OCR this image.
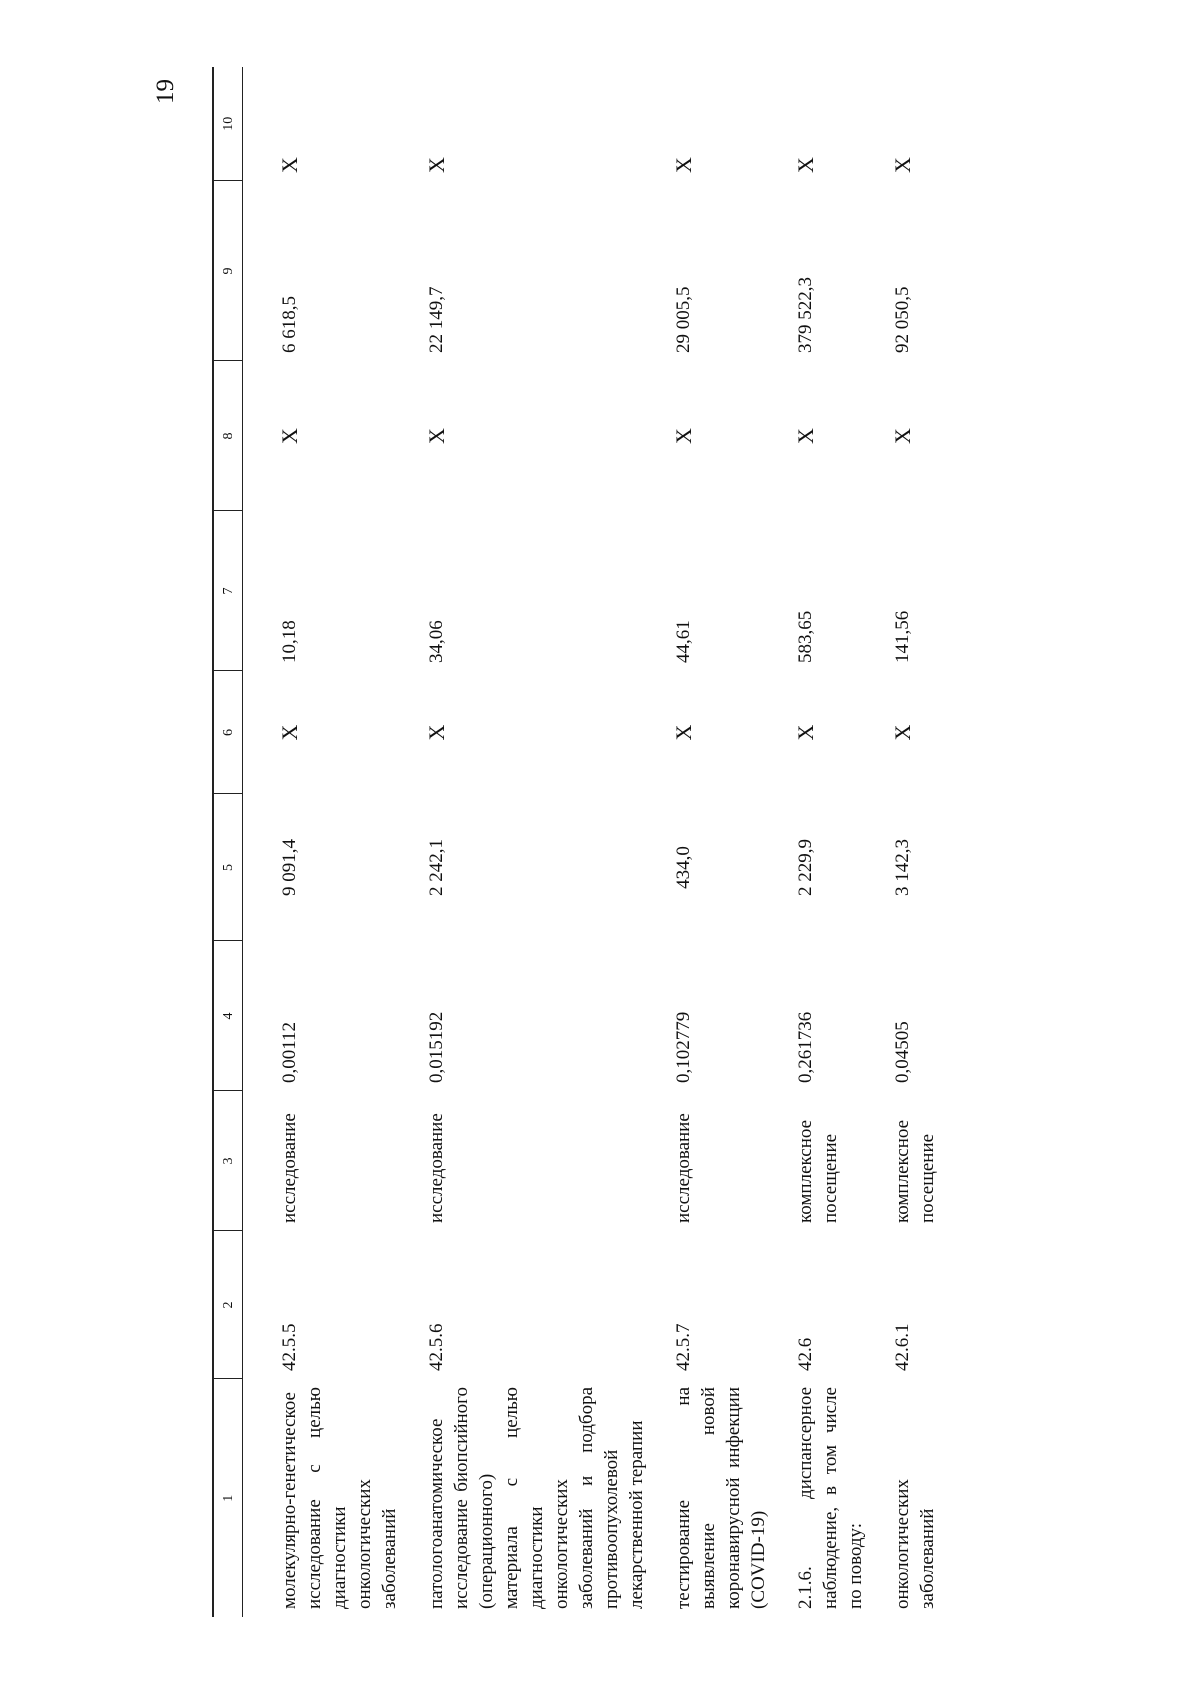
19
1	2	3	4	5	6	7	8	9	10
молекулярно-генетическое исследование с целью диагностики онкологических заболеваний	42.5.5	исследование	0,00112	9 091,4	Х	10,18	Х	6 618,5	Х
патологоанатомическое исследование биопсийного (операционного) материала с целью диагностики онкологических заболеваний и подбора противоопухолевой лекарственной терапии	42.5.6	исследование	0,015192	2 242,1	Х	34,06	Х	22 149,7	Х
тестирование на выявление новой коронавирусной инфекции (COVID-19)	42.5.7	исследование	0,102779	434,0	Х	44,61	Х	29 005,5	Х
2.1.6. диспансерное наблюдение, в том числе по поводу:	42.6	комплексное посещение	0,261736	2 229,9	Х	583,65	Х	379 522,3	Х
онкологических заболеваний	42.6.1	комплексное посещение	0,04505	3 142,3	Х	141,56	Х	92 050,5	Х
